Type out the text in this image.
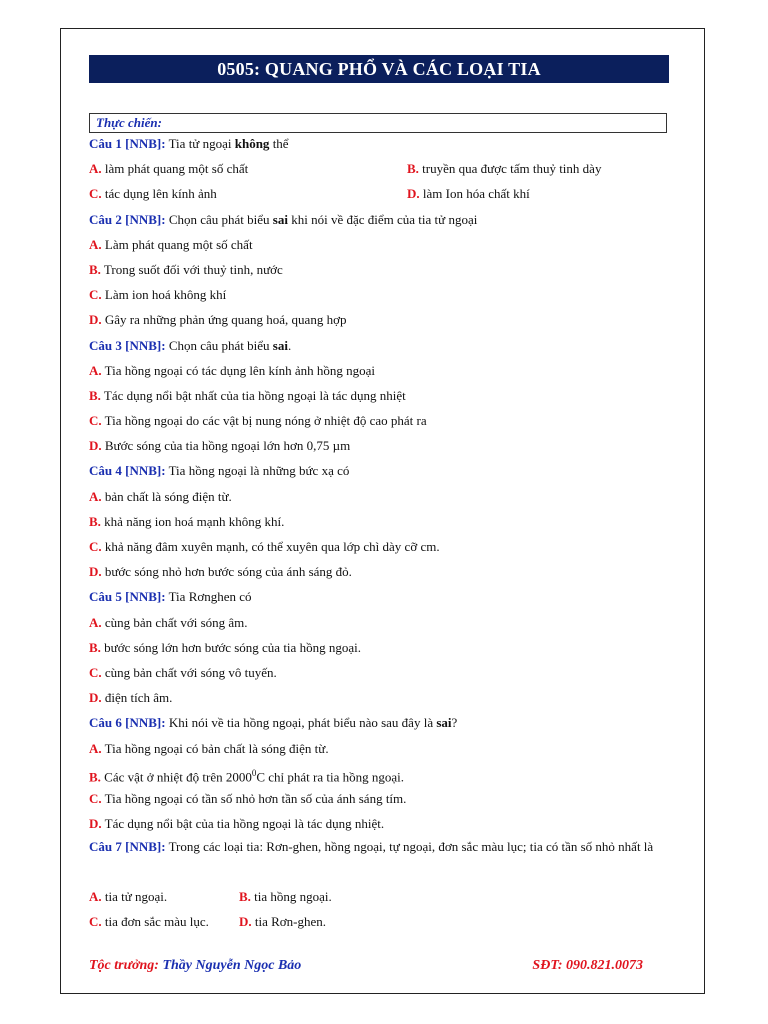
0505: QUANG PHỔ VÀ CÁC LOẠI TIA
Thực chiến:
Câu 1 [NNB]: Tia tử ngoại không thể
A. làm phát quang một số chất	B. truyền qua được tấm thuỷ tinh dày
C. tác dụng lên kính ảnh	D. làm Ion hóa chất khí
Câu 2 [NNB]: Chọn câu phát biểu sai khi nói về đặc điểm của tia tử ngoại
A. Làm phát quang một số chất
B. Trong suốt đối với thuỷ tinh, nước
C. Làm ion hoá không khí
D. Gây ra những phản ứng quang hoá, quang hợp
Câu 3 [NNB]: Chọn câu phát biểu sai.
A. Tia hồng ngoại có tác dụng lên kính ảnh hồng ngoại
B. Tác dụng nổi bật nhất của tia hồng ngoại là tác dụng nhiệt
C. Tia hồng ngoại do các vật bị nung nóng ở nhiệt độ cao phát ra
D. Bước sóng của tia hồng ngoại lớn hơn 0,75 µm
Câu 4 [NNB]: Tia hồng ngoại là những bức xạ có
A. bản chất là sóng điện từ.
B. khả năng ion hoá mạnh không khí.
C. khả năng đâm xuyên mạnh, có thể xuyên qua lớp chì dày cỡ cm.
D. bước sóng nhỏ hơn bước sóng của ánh sáng đỏ.
Câu 5 [NNB]: Tia Rơnghen có
A. cùng bản chất với sóng âm.
B. bước sóng lớn hơn bước sóng của tia hồng ngoại.
C. cùng bản chất với sóng vô tuyến.
D. điện tích âm.
Câu 6 [NNB]: Khi nói về tia hồng ngoại, phát biểu nào sau đây là sai?
A. Tia hồng ngoại có bản chất là sóng điện từ.
B. Các vật ở nhiệt độ trên 2000$^0$C chỉ phát ra tia hồng ngoại.
C. Tia hồng ngoại có tần số nhỏ hơn tần số của ánh sáng tím.
D. Tác dụng nổi bật của tia hồng ngoại là tác dụng nhiệt.
Câu 7 [NNB]: Trong các loại tia: Rơn-ghen, hồng ngoại, tự ngoại, đơn sắc màu lục; tia có tần số nhỏ nhất là
A. tia tử ngoại.	B. tia hồng ngoại.
C. tia đơn sắc màu lục.	D. tia Rơn-ghen.
Tộc trưởng: Thầy Nguyễn Ngọc Bảo	SĐT: 090.821.0073
